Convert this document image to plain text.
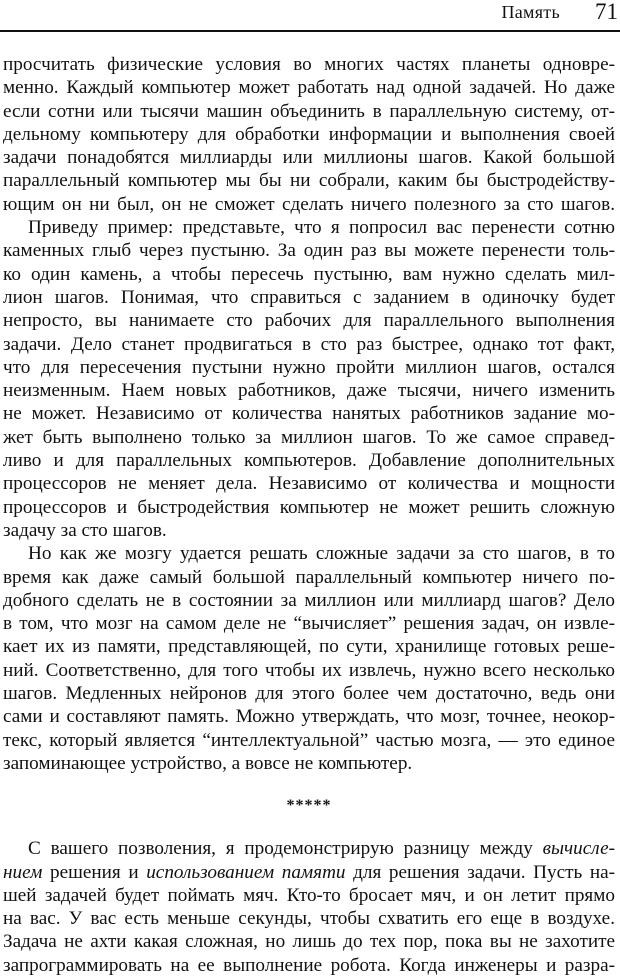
Память 71
просчитать физические условия во многих частях планеты одновре-
менно. Каждый компьютер может работать над одной задачей. Но даже
если сотни или тысячи машин объединить в параллельную систему, от-
дельному компьютеру для обработки информации и выполнения своей
задачи понадобятся миллиарды или миллионы шагов. Какой большой
параллельный компьютер мы бы ни собрали, каким бы быстродейству-
ющим он ни был, он не сможет сделать ничего полезного за сто шагов.
Приведу пример: представьте, что я попросил вас перенести сотню
каменных глыб через пустыню. За один раз вы можете перенести толь-
ко один камень, а чтобы пересечь пустыню, вам нужно сделать мил-
лион шагов. Понимая, что справиться с заданием в одиночку будет
непросто, вы нанимаете сто рабочих для параллельного выполнения
задачи. Дело станет продвигаться в сто раз быстрее, однако тот факт,
что для пересечения пустыни нужно пройти миллион шагов, остался
неизменным. Наем новых работников, даже тысячи, ничего изменить
не может. Независимо от количества нанятых работников задание мо-
жет быть выполнено только за миллион шагов. То же самое справед-
ливо и для параллельных компьютеров. Добавление дополнительных
процессоров не меняет дела. Независимо от количества и мощности
процессоров и быстродействия компьютер не может решить сложную
задачу за сто шагов.
Но как же мозгу удается решать сложные задачи за сто шагов, в то
время как даже самый большой параллельный компьютер ничего по-
добного сделать не в состоянии за миллион или миллиард шагов? Дело
в том, что мозг на самом деле не “вычисляет” решения задач, он извле-
кает их из памяти, представляющей, по сути, хранилище готовых реше-
ний. Соответственно, для того чтобы их извлечь, нужно всего несколько
шагов. Медленных нейронов для этого более чем достаточно, ведь они
сами и составляют память. Можно утверждать, что мозг, точнее, неокор-
текс, который является “интеллектуальной” частью мозга, — это единое
запоминающее устройство, а вовсе не компьютер.
*****
С вашего позволения, я продемонстрирую разницу между вычисле-
нием решения и использованием памяти для решения задачи. Пусть на-
шей задачей будет поймать мяч. Кто-то бросает мяч, и он летит прямо
на вас. У вас есть меньше секунды, чтобы схватить его еще в воздухе.
Задача не ахти какая сложная, но лишь до тех пор, пока вы не захотите
запрограммировать на ее выполнение робота. Когда инженеры и разра-
